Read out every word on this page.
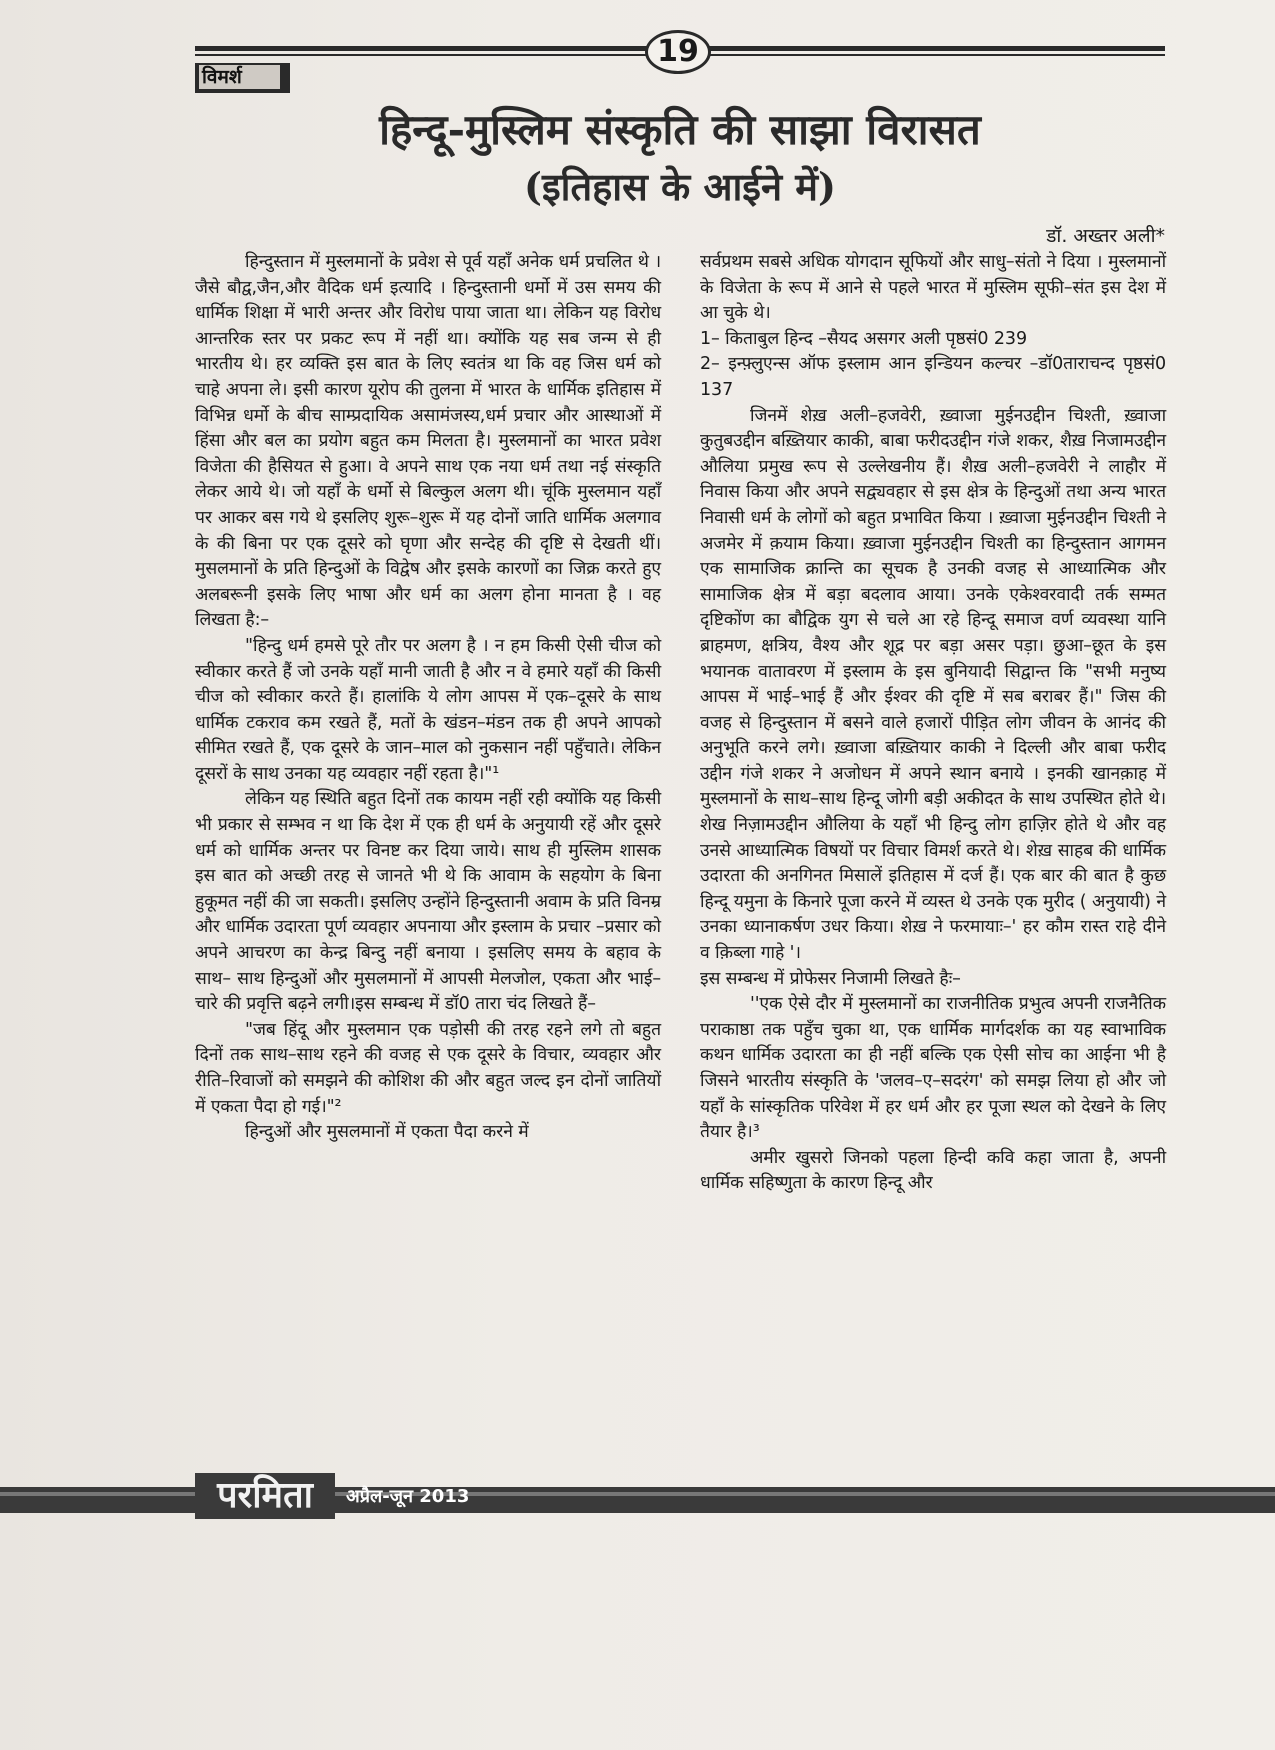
19
विमर्श
हिन्दू-मुस्लिम संस्कृति की साझा विरासत
(इतिहास के आईने में)
डॉ. अख्तर अली*

हिन्दुस्तान में मुस्लमानों के प्रवेश से पूर्व यहाँ अनेक धर्म प्रचलित थे । जैसे बौद्व,जैन,और वैदिक धर्म इत्यादि । हिन्दुस्तानी धर्मो में उस समय की धार्मिक शिक्षा में भारी अन्तर और विरोध पाया जाता था। लेकिन यह विरोध आन्तरिक स्तर पर प्रकट रूप में नहीं था। क्योंकि यह सब जन्म से ही भारतीय थे। हर व्यक्ति इस बात के लिए स्वतंत्र था कि वह जिस धर्म को चाहे अपना ले। इसी कारण यूरोप की तुलना में भारत के धार्मिक इतिहास में विभिन्न धर्मो के बीच साम्प्रदायिक असामंजस्य,धर्म प्रचार और आस्थाओं में हिंसा और बल का प्रयोग बहुत कम मिलता है। मुस्लमानों का भारत प्रवेश विजेता की हैसियत से हुआ। वे अपने साथ एक नया धर्म तथा नई संस्कृति लेकर आये थे। जो यहाँ के धर्मो से बिल्कुल अलग थी। चूंकि मुस्लमान यहाँ पर आकर बस गये थे इसलिए शुरू–शुरू में यह दोनों जाति धार्मिक अलगाव के की बिना पर एक दूसरे को घृणा और सन्देह की दृष्टि से देखती थीं। मुसलमानों के प्रति हिन्दुओं के विद्वेष और इसके कारणों का जिक्र करते हुए अलबरूनी इसके लिए भाषा और धर्म का अलग होना मानता है । वह लिखता है:–

"हिन्दु धर्म हमसे पूरे तौर पर अलग है । न हम किसी ऐसी चीज को स्वीकार करते हैं जो उनके यहाँ मानी जाती है और न वे हमारे यहाँ की किसी चीज को स्वीकार करते हैं। हालांकि ये लोग आपस में एक–दूसरे के साथ धार्मिक टकराव कम रखते हैं, मतों के खंडन–मंडन तक ही अपने आपको सीमित रखते हैं, एक दूसरे के जान–माल को नुकसान नहीं पहुँचाते। लेकिन दूसरों के साथ उनका यह व्यवहार नहीं रहता है।"¹

लेकिन यह स्थिति बहुत दिनों तक कायम नहीं रही क्योंकि यह किसी भी प्रकार से सम्भव न था कि देश में एक ही धर्म के अनुयायी रहें और दूसरे धर्म को धार्मिक अन्तर पर विनष्ट कर दिया जाये। साथ ही मुस्लिम शासक इस बात को अच्छी तरह से जानते भी थे कि आवाम के सहयोग के बिना हुकूमत नहीं की जा सकती। इसलिए उन्होंने हिन्दुस्तानी अवाम के प्रति विनम्र और धार्मिक उदारता पूर्ण व्यवहार अपनाया और इस्लाम के प्रचार –प्रसार को अपने आचरण का केन्द्र बिन्दु नहीं बनाया । इसलिए समय के बहाव के साथ– साथ हिन्दुओं और मुसलमानों में आपसी मेलजोल, एकता और भाई–चारे की प्रवृत्ति बढ़ने लगी।इस सम्बन्ध में डॉ0 तारा चंद लिखते हैं–

"जब हिंदू और मुस्लमान एक पड़ोसी की तरह रहने लगे तो बहुत दिनों तक साथ–साथ रहने की वजह से एक दूसरे के विचार, व्यवहार और रीति–रिवाजों को समझने की कोशिश की और बहुत जल्द इन दोनों जातियों में एकता पैदा हो गई।"²

हिन्दुओं और मुसलमानों में एकता पैदा करने में

सर्वप्रथम सबसे अधिक योगदान सूफियों और साधु–संतो ने दिया । मुस्लमानों के विजेता के रूप में आने से पहले भारत में मुस्लिम सूफी–संत इस देश में आ चुके थे।

1– किताबुल हिन्द –सैयद असगर अली पृष्ठसं0 239

2– इन्फ़्लुएन्स ऑफ इस्लाम आन इन्डियन कल्चर –डॉ0ताराचन्द पृष्ठसं0 137

जिनमें शेख़ अली–हजवेरी, ख़्वाजा मुईनउद्दीन चिश्ती, ख़्वाजा कुतुबउद्दीन बख़्तियार काकी, बाबा फरीदउद्दीन गंजे शकर, शैख़ निजामउद्दीन औलिया प्रमुख रूप से उल्लेखनीय हैं। शैख़ अली–हजवेरी ने लाहौर में निवास किया और अपने सद्व्यवहार से इस क्षेत्र के हिन्दुओं तथा अन्य भारत निवासी धर्म के लोगों को बहुत प्रभावित किया । ख़्वाजा मुईनउद्दीन चिश्ती ने अजमेर में क़याम किया। ख़्वाजा मुईनउद्दीन चिश्ती का हिन्दुस्तान आगमन एक सामाजिक क्रान्ति का सूचक है उनकी वजह से आध्यात्मिक और सामाजिक क्षेत्र में बड़ा बदलाव आया। उनके एकेश्वरवादी तर्क सम्मत दृष्टिकोंण का बौद्विक युग से चले आ रहे हिन्दू समाज वर्ण व्यवस्था यानि ब्राहमण, क्षत्रिय, वैश्य और शूद्र पर बड़ा असर पड़ा। छुआ–छूत के इस भयानक वातावरण में इस्लाम के इस बुनियादी सिद्वान्त कि "सभी मनुष्य आपस में भाई–भाई हैं और ईश्वर की दृष्टि में सब बराबर हैं।" जिस की वजह से हिन्दुस्तान में बसने वाले हजारों पीड़ित लोग जीवन के आनंद की अनुभूति करने लगे। ख़्वाजा बख़्तियार काकी ने दिल्ली और बाबा फरीद उद्दीन गंजे शकर ने अजोधन में अपने स्थान बनाये । इनकी खानक़ाह में मुस्लमानों के साथ–साथ हिन्दू जोगी बड़ी अकीदत के साथ उपस्थित होते थे। शेख निज़ामउद्दीन औलिया के यहाँ भी हिन्दु लोग हाज़िर होते थे और वह उनसे आध्यात्मिक विषयों पर विचार विमर्श करते थे। शेख़ साहब की धार्मिक उदारता की अनगिनत मिसालें इतिहास में दर्ज हैं। एक बार की बात है कुछ हिन्दू यमुना के किनारे पूजा करने में व्यस्त थे उनके एक मुरीद ( अनुयायी) ने उनका ध्यानाकर्षण उधर किया। शेख़ ने फरमायाः–' हर कौम रास्त राहे दीने व क़िब्ला गाहे '।

इस सम्बन्ध में प्रोफेसर निजामी लिखते हैः–

''एक ऐसे दौर में मुस्लमानों का राजनीतिक प्रभुत्व अपनी राजनैतिक पराकाष्ठा तक पहुँच चुका था, एक धार्मिक मार्गदर्शक का यह स्वाभाविक कथन धार्मिक उदारता का ही नहीं बल्कि एक ऐसी सोच का आईना भी है जिसने भारतीय संस्कृति के 'जलव–ए–सदरंग' को समझ लिया हो और जो यहाँ के सांस्कृतिक परिवेश में हर धर्म और हर पूजा स्थल को देखने के लिए तैयार है।³

अमीर खुसरो जिनको पहला हिन्दी कवि कहा जाता है, अपनी धार्मिक सहिष्णुता के कारण हिन्दू और

परमिता	अप्रैल-जून 2013
